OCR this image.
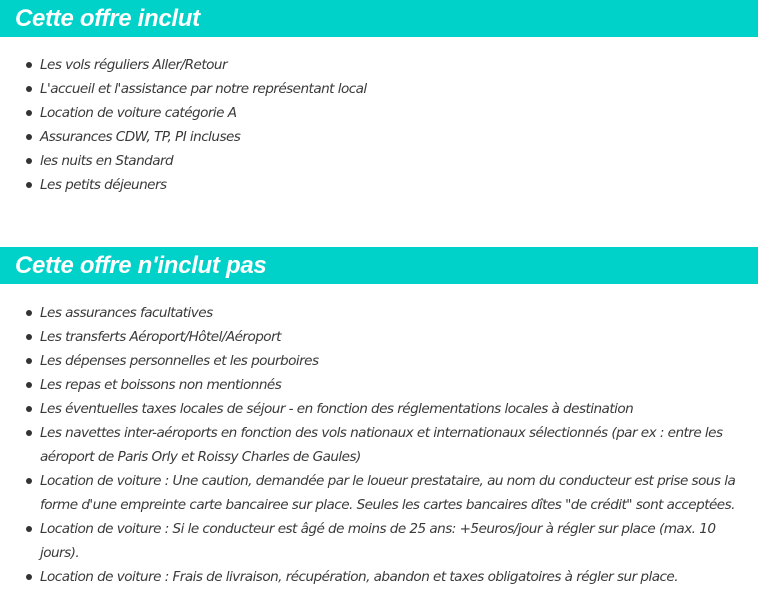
Cette offre inclut
Les vols réguliers Aller/Retour
L'accueil et l'assistance par notre représentant local
Location de voiture catégorie A
Assurances CDW, TP, PI incluses
les nuits en Standard
Les petits déjeuners
Cette offre n'inclut pas
Les assurances facultatives
Les transferts Aéroport/Hôtel/Aéroport
Les dépenses personnelles et les pourboires
Les repas et boissons non mentionnés
Les éventuelles taxes locales de séjour - en fonction des réglementations locales à destination
Les navettes inter-aéroports en fonction des vols nationaux et internationaux sélectionnés (par ex : entre les aéroport de Paris Orly et Roissy Charles de Gaules)
Location de voiture : Une caution, demandée par le loueur prestataire, au nom du conducteur est prise sous la forme d'une empreinte carte bancairee sur place. Seules les cartes bancaires dîtes "de crédit" sont acceptées.
Location de voiture : Si le conducteur est âgé de moins de 25 ans: +5euros/jour à régler sur place (max. 10 jours).
Location de voiture : Frais de livraison, récupération, abandon et taxes obligatoires à régler sur place.
